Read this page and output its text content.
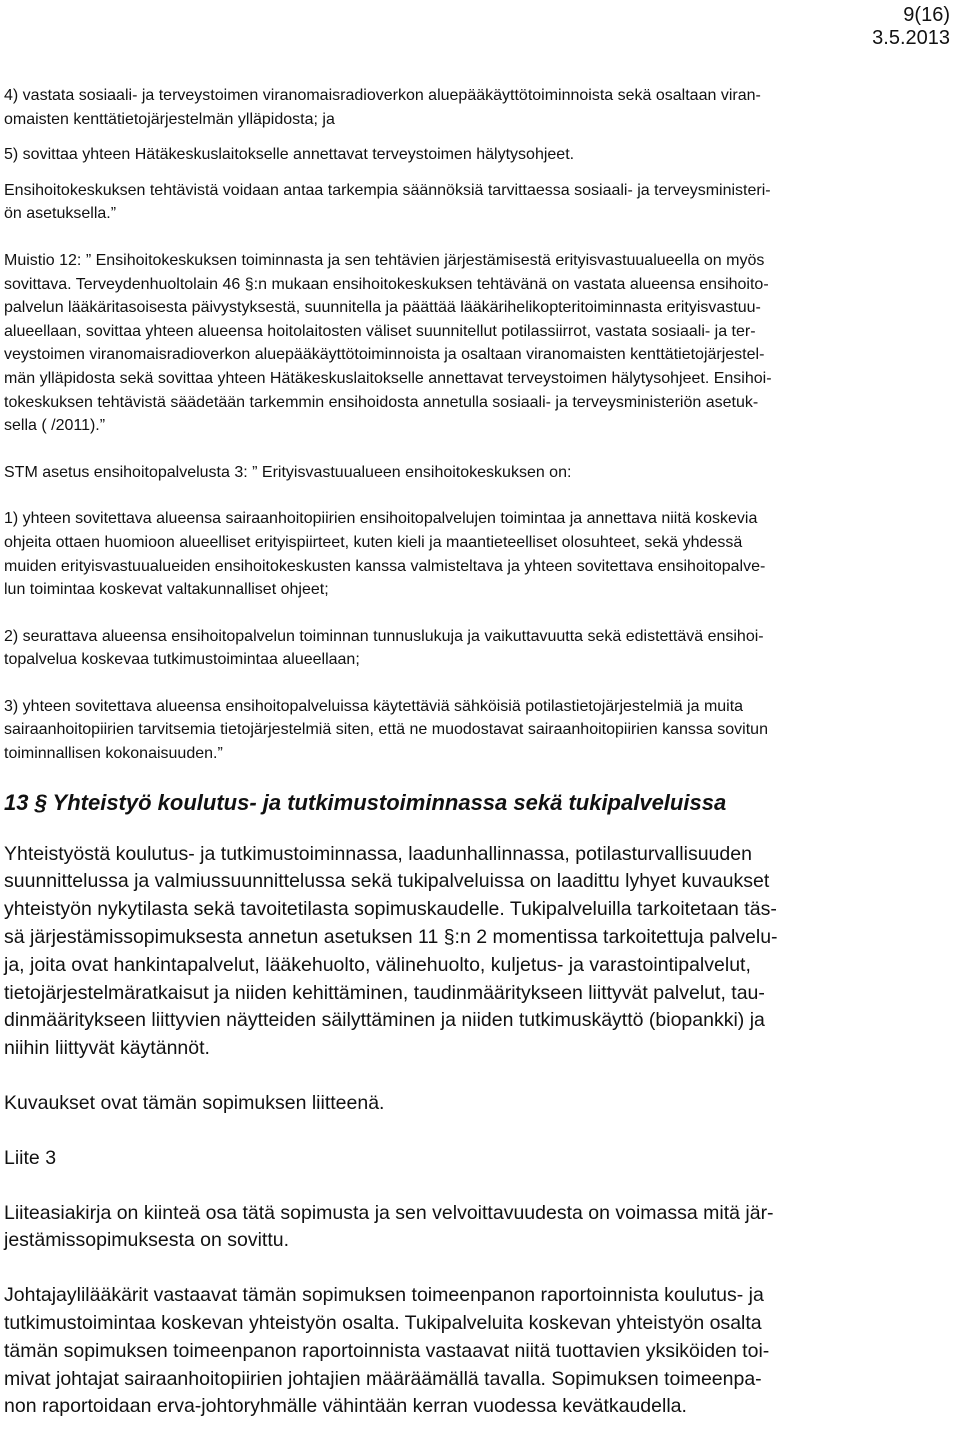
9(16)
3.5.2013

4) vastata sosiaali- ja terveystoimen viranomaisradioverkon aluepääkäyttötoiminnoista sekä osaltaan viran-
omaisten kenttätietojärjestelmän ylläpidosta; ja

5) sovittaa yhteen Hätäkeskuslaitokselle annettavat terveystoimen hälytysohjeet.

Ensihoitokeskuksen tehtävistä voidaan antaa tarkempia säännöksiä tarvittaessa sosiaali- ja terveysministeri-
ön asetuksella.”

Muistio 12: ” Ensihoitokeskuksen toiminnasta ja sen tehtävien järjestämisestä erityisvastuualueella on myös
sovittava. Terveydenhuoltolain 46 §:n mukaan ensihoitokeskuksen tehtävänä on vastata alueensa ensihoito-
palvelun lääkäritasoisesta päivystyksestä, suunnitella ja päättää lääkärihelikopteritoiminnasta erityisvastuu-
alueellaan, sovittaa yhteen alueensa hoitolaitosten väliset suunnitellut potilassiirrot, vastata sosiaali- ja ter-
veystoimen viranomaisradioverkon aluepääkäyttötoiminnoista ja osaltaan viranomaisten kenttätietojärjestel-
män ylläpidosta sekä sovittaa yhteen Hätäkeskuslaitokselle annettavat terveystoimen hälytysohjeet. Ensihoi-
tokeskuksen tehtävistä säädetään tarkemmin ensihoidosta annetulla sosiaali- ja terveysministeriön asetuk-
sella ( /2011).”

STM asetus ensihoitopalvelusta 3: ” Erityisvastuualueen ensihoitokeskuksen on:

1) yhteen sovitettava alueensa sairaanhoitopiirien ensihoitopalvelujen toimintaa ja annettava niitä koskevia
ohjeita ottaen huomioon alueelliset erityispiirteet, kuten kieli ja maantieteelliset olosuhteet, sekä yhdessä
muiden erityisvastuualueiden ensihoitokeskusten kanssa valmisteltava ja yhteen sovitettava ensihoitopalve-
lun toimintaa koskevat valtakunnalliset ohjeet;

2) seurattava alueensa ensihoitopalvelun toiminnan tunnuslukuja ja vaikuttavuutta sekä edistettävä ensihoi-
topalvelua koskevaa tutkimustoimintaa alueellaan;

3) yhteen sovitettava alueensa ensihoitopalveluissa käytettäviä sähköisiä potilastietojärjestelmiä ja muita
sairaanhoitopiirien tarvitsemia tietojärjestelmiä siten, että ne muodostavat sairaanhoitopiirien kanssa sovitun
toiminnallisen kokonaisuuden.”

13 § Yhteistyö koulutus- ja tutkimustoiminnassa sekä tukipalveluissa

Yhteistyöstä koulutus- ja tutkimustoiminnassa, laadunhallinnassa, potilasturvallisuuden
suunnittelussa ja valmiussuunnittelussa sekä tukipalveluissa on laadittu lyhyet kuvaukset
yhteistyön nykytilasta sekä tavoitetilasta sopimuskaudelle. Tukipalveluilla tarkoitetaan täs-
sä järjestämissopimuksesta annetun asetuksen 11 §:n 2 momentissa tarkoitettuja palvelu-
ja, joita ovat hankintapalvelut, lääkehuolto, välinehuolto, kuljetus- ja varastointipalvelut,
tietojärjestelmäratkaisut ja niiden kehittäminen, taudinmääritykseen liittyvät palvelut, tau-
dinmääritykseen liittyvien näytteiden säilyttäminen ja niiden tutkimuskäyttö (biopankki) ja
niihin liittyvät käytännöt.

Kuvaukset ovat tämän sopimuksen liitteenä.

Liite 3

Liiteasiakirja on kiinteä osa tätä sopimusta ja sen velvoittavuudesta on voimassa mitä jär-
jestämissopimuksesta on sovittu.

Johtajaylilääkärit vastaavat tämän sopimuksen toimeenpanon raportoinnista koulutus- ja
tutkimustoimintaa koskevan yhteistyön osalta. Tukipalveluita koskevan yhteistyön osalta
tämän sopimuksen toimeenpanon raportoinnista vastaavat niitä tuottavien yksiköiden toi-
mivat johtajat sairaanhoitopiirien johtajien määräämällä tavalla. Sopimuksen toimeenpa-
non raportoidaan erva-johtoryhmälle vähintään kerran vuodessa kevätkaudella.
